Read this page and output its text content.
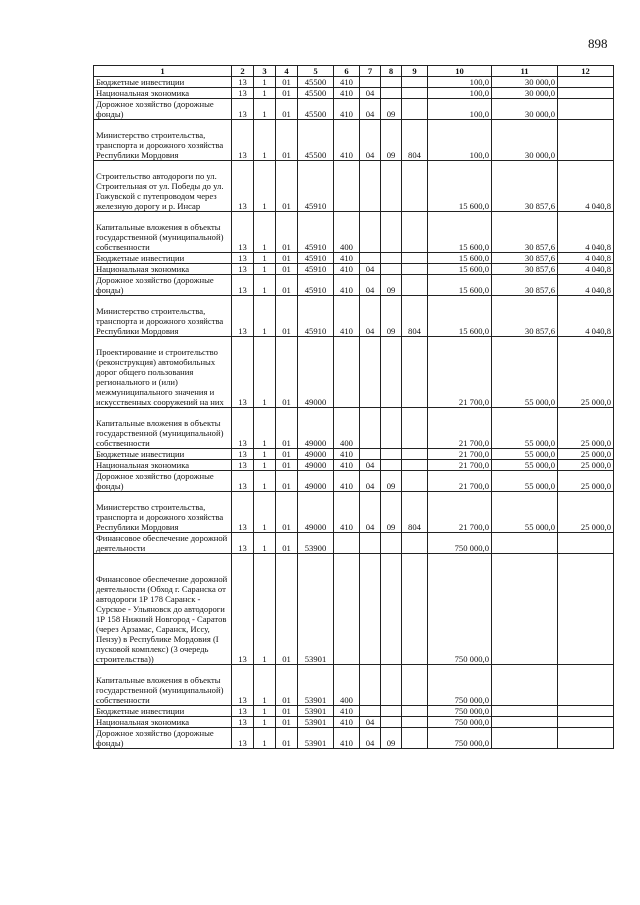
898
1	2	3	4	5	6	7	8	9	10	11	12
Бюджетные инвестиции	13	1	01	45500	410				100,0	30 000,0	
Национальная экономика	13	1	01	45500	410	04			100,0	30 000,0	
Дорожное хозяйство (дорожные фонды)	13	1	01	45500	410	04	09		100,0	30 000,0	
Министерство строительства, транспорта и дорожного хозяйства Республики Мордовия	13	1	01	45500	410	04	09	804	100,0	30 000,0	
Строительство автодороги по ул. Строительная от ул. Победы до ул. Гожувской с путепроводом через железную дорогу и р. Инсар	13	1	01	45910					15 600,0	30 857,6	4 040,8
Капитальные вложения в объекты государственной (муниципальной) собственности	13	1	01	45910	400				15 600,0	30 857,6	4 040,8
Бюджетные инвестиции	13	1	01	45910	410				15 600,0	30 857,6	4 040,8
Национальная экономика	13	1	01	45910	410	04			15 600,0	30 857,6	4 040,8
Дорожное хозяйство (дорожные фонды)	13	1	01	45910	410	04	09		15 600,0	30 857,6	4 040,8
Министерство строительства, транспорта и дорожного хозяйства Республики Мордовия	13	1	01	45910	410	04	09	804	15 600,0	30 857,6	4 040,8
Проектирование и строительство (реконструкция) автомобильных дорог общего пользования регионального и (или) межмуниципального значения и искусственных сооружений на них	13	1	01	49000					21 700,0	55 000,0	25 000,0
Капитальные вложения в объекты государственной (муниципальной) собственности	13	1	01	49000	400				21 700,0	55 000,0	25 000,0
Бюджетные инвестиции	13	1	01	49000	410				21 700,0	55 000,0	25 000,0
Национальная экономика	13	1	01	49000	410	04			21 700,0	55 000,0	25 000,0
Дорожное хозяйство (дорожные фонды)	13	1	01	49000	410	04	09		21 700,0	55 000,0	25 000,0
Министерство строительства, транспорта и дорожного хозяйства Республики Мордовия	13	1	01	49000	410	04	09	804	21 700,0	55 000,0	25 000,0
Финансовое обеспечение дорожной деятельности	13	1	01	53900					750 000,0		
Финансовое обеспечение дорожной деятельности (Обход г. Саранска от автодороги 1Р 178 Саранск - Сурское - Ульяновск до автодороги 1Р 158 Нижний Новгород - Саратов (через Арзамас, Саранск, Иссу, Пензу) в Республике Мордовия (I пусковой комплекс) (3 очередь строительства))	13	1	01	53901					750 000,0		
Капитальные вложения в объекты государственной (муниципальной) собственности	13	1	01	53901	400				750 000,0		
Бюджетные инвестиции	13	1	01	53901	410				750 000,0		
Национальная экономика	13	1	01	53901	410	04			750 000,0		
Дорожное хозяйство (дорожные фонды)	13	1	01	53901	410	04	09		750 000,0		
